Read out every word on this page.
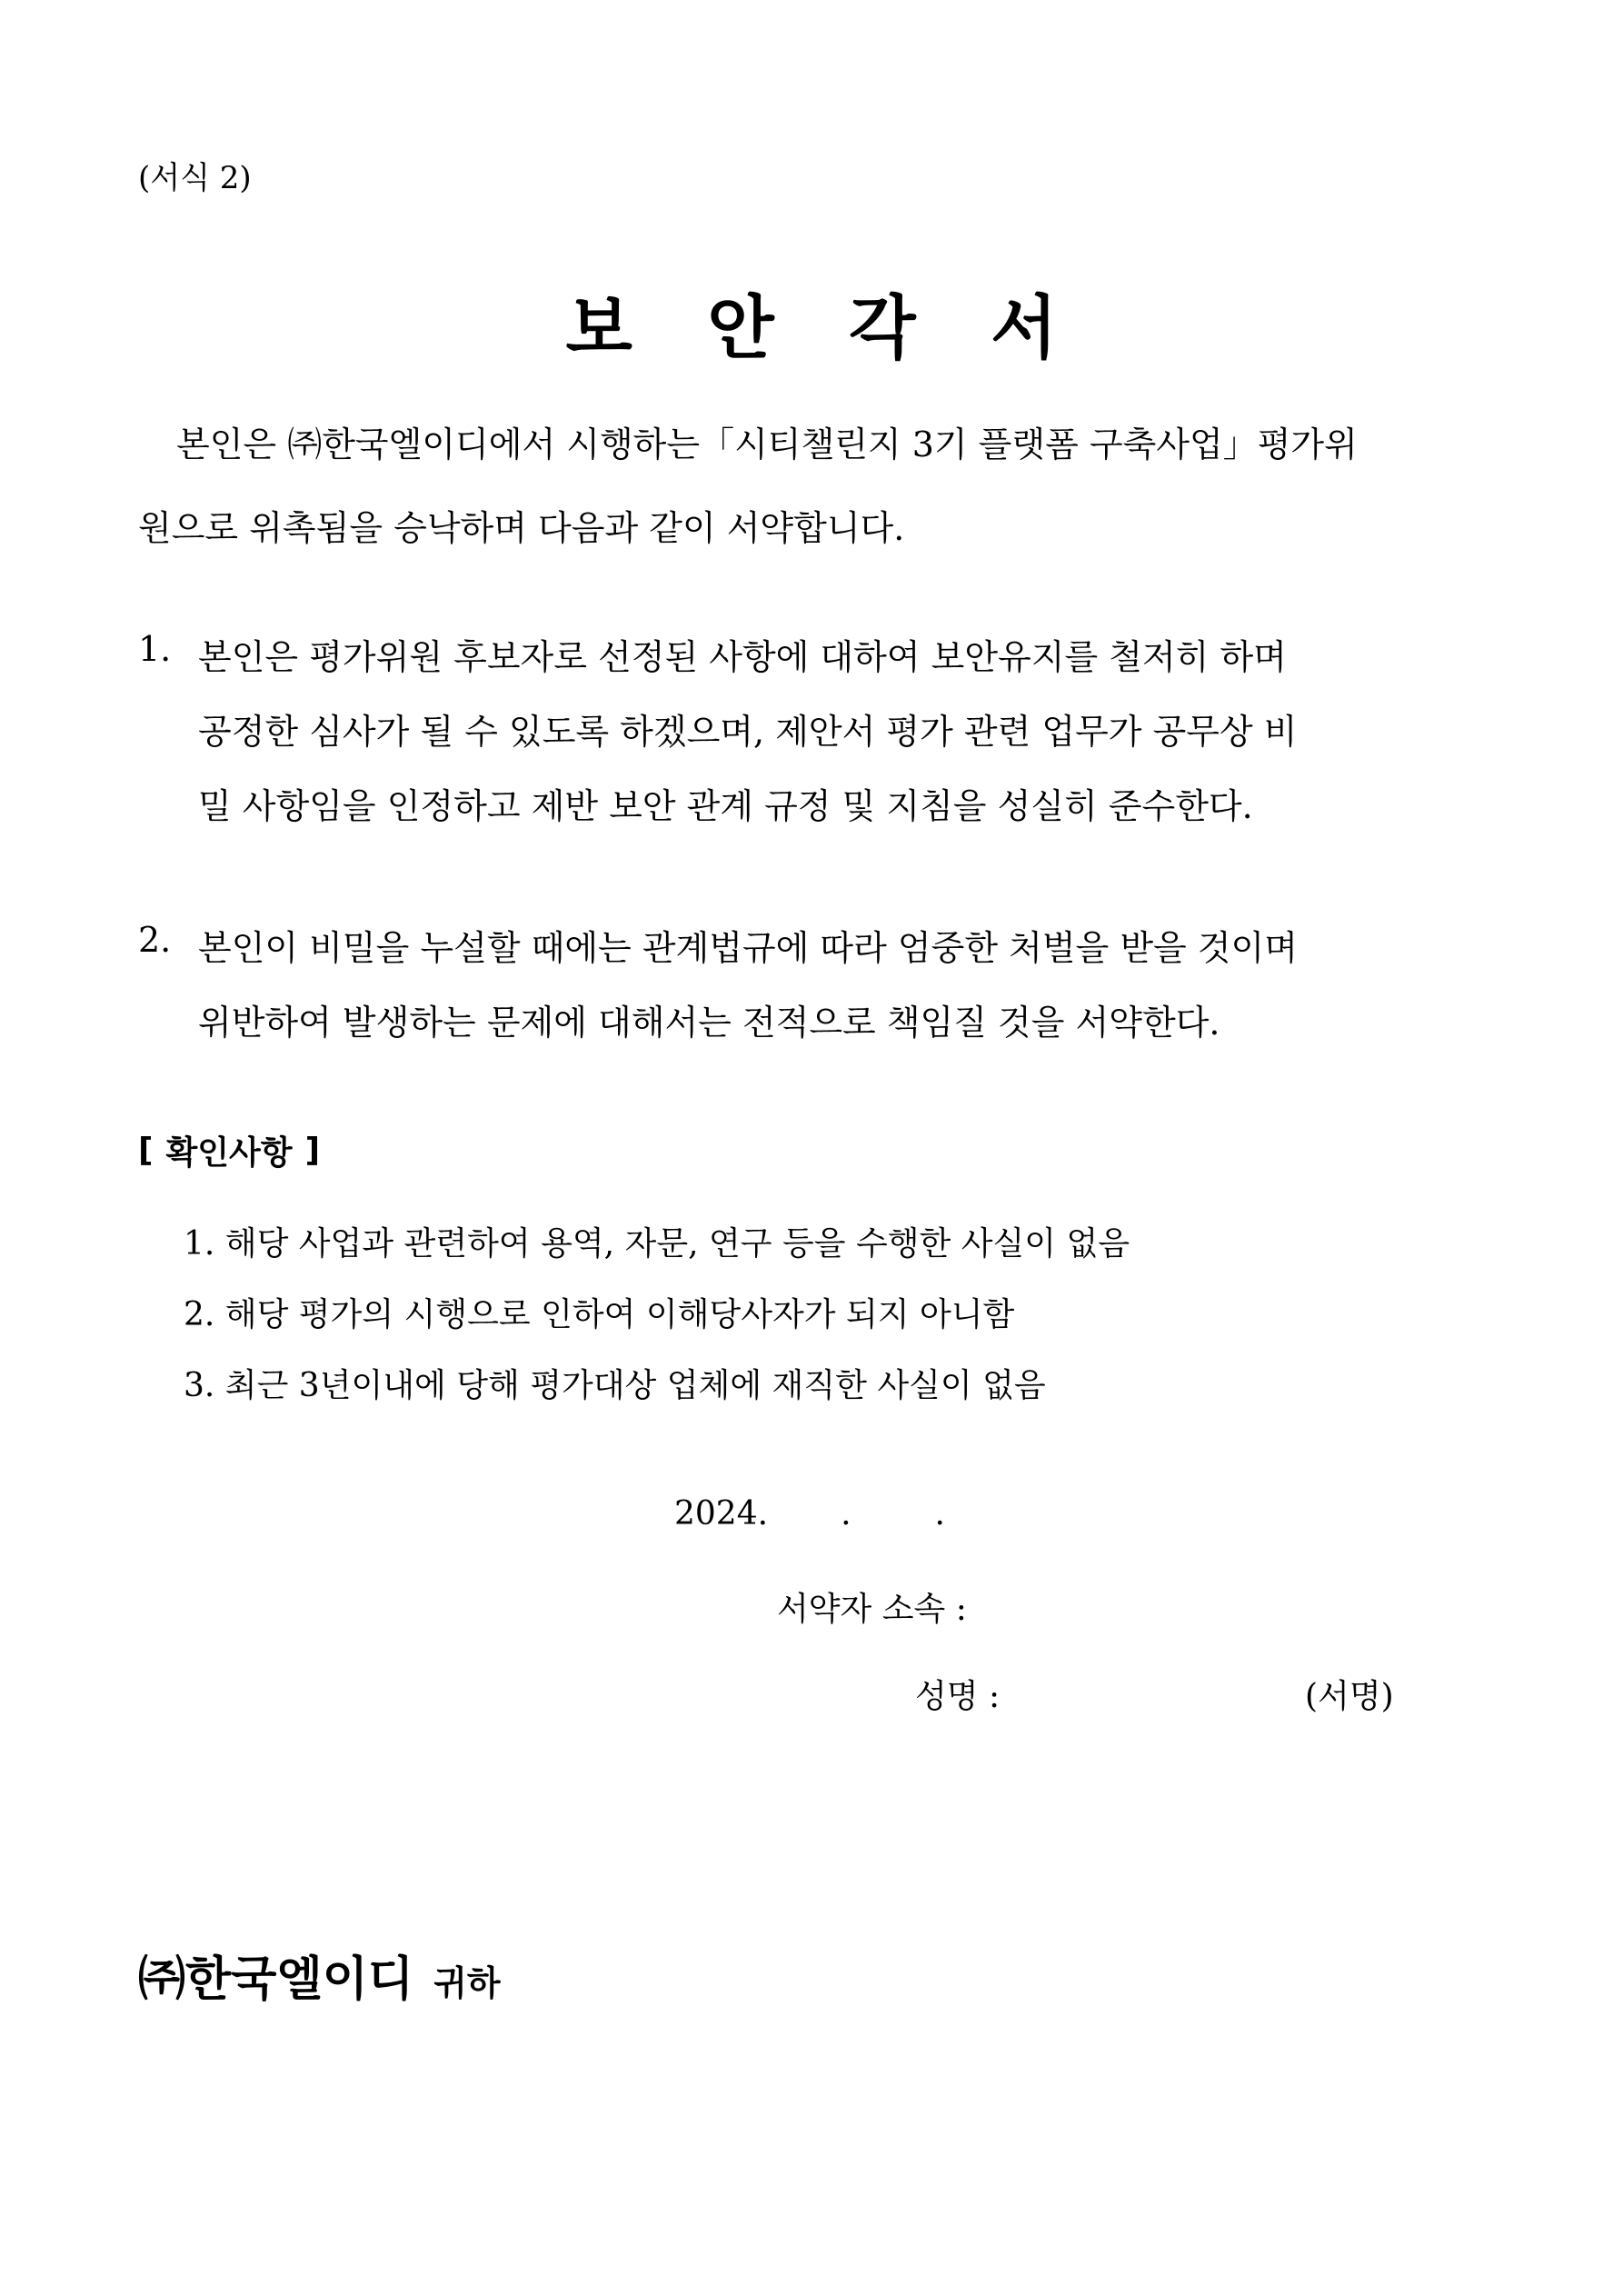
(서식 2)
보 안 각 서
본인은 ㈜한국엘이디에서 시행하는「시티챌린지 3기 플랫폼 구축사업」평가위
원으로 위촉됨을 승낙하며 다음과 같이 서약합니다.
1. 본인은 평가위원 후보자로 선정된 사항에 대하여 보안유지를 철저히 하며
공정한 심사가 될 수 있도록 하겠으며, 제안서 평가 관련 업무가 공무상 비
밀 사항임을 인정하고 제반 보안 관계 규정 및 지침을 성실히 준수한다.
2. 본인이 비밀을 누설할 때에는 관계법규에 따라 엄중한 처벌을 받을 것이며
위반하여 발생하는 문제에 대해서는 전적으로 책임질 것을 서약한다.
[ 확인사항 ]
1. 해당 사업과 관련하여 용역, 자문, 연구 등을 수행한 사실이 없음
2. 해당 평가의 시행으로 인하여 이해당사자가 되지 아니함
3. 최근 3년이내에 당해 평가대상 업체에 재직한 사실이 없음
2024. .	.
서약자 소속 :
성명 :	(서명)
㈜한국엘이디 귀하
